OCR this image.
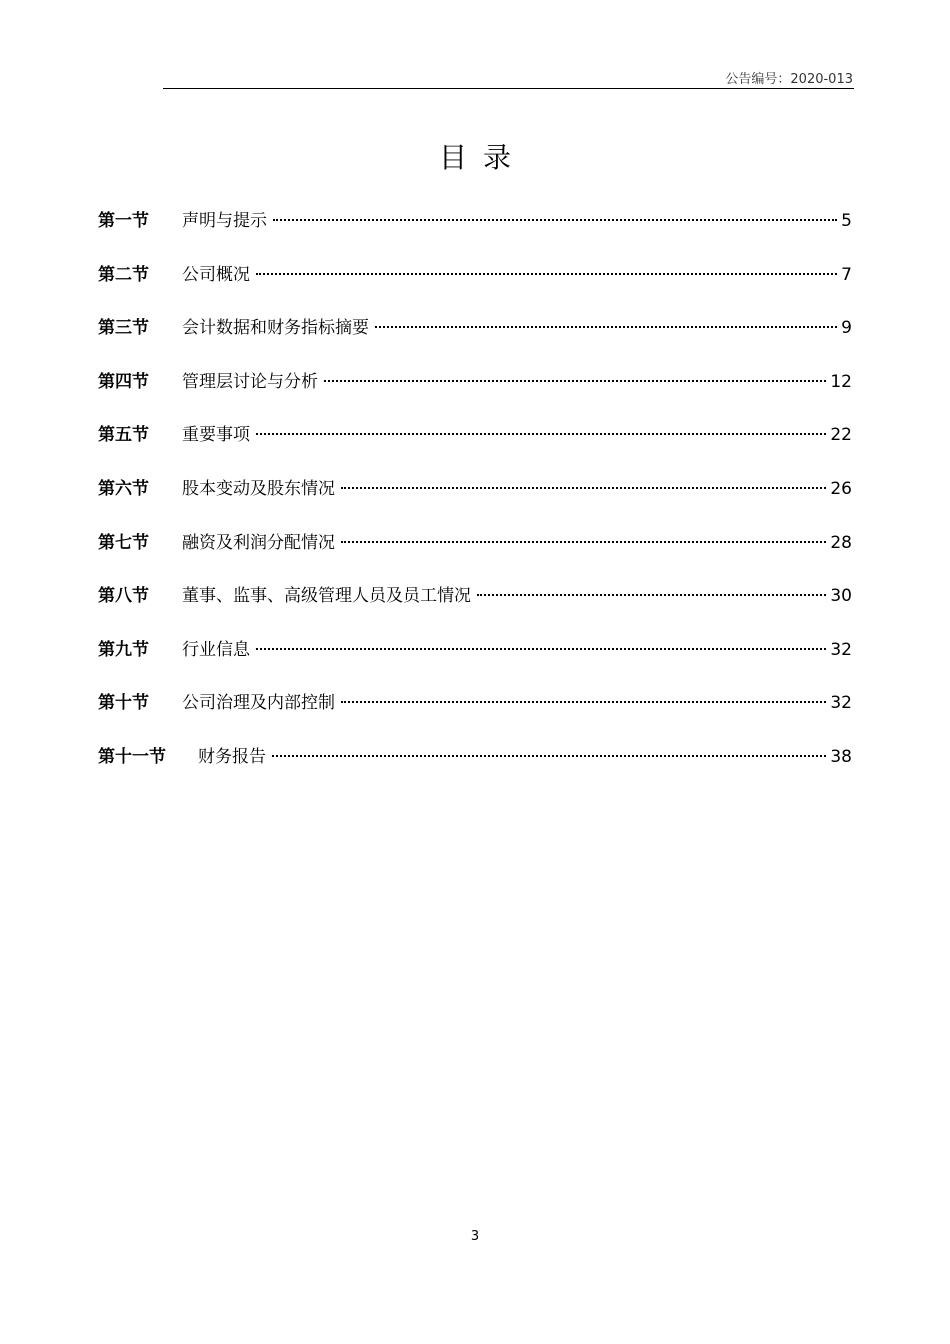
公告编号：2020-013
目录
第一节	声明与提示	5
第二节	公司概况	7
第三节	会计数据和财务指标摘要	9
第四节	管理层讨论与分析	12
第五节	重要事项	22
第六节	股本变动及股东情况	26
第七节	融资及利润分配情况	28
第八节	董事、监事、高级管理人员及员工情况	30
第九节	行业信息	32
第十节	公司治理及内部控制	32
第十一节	财务报告	38
3
